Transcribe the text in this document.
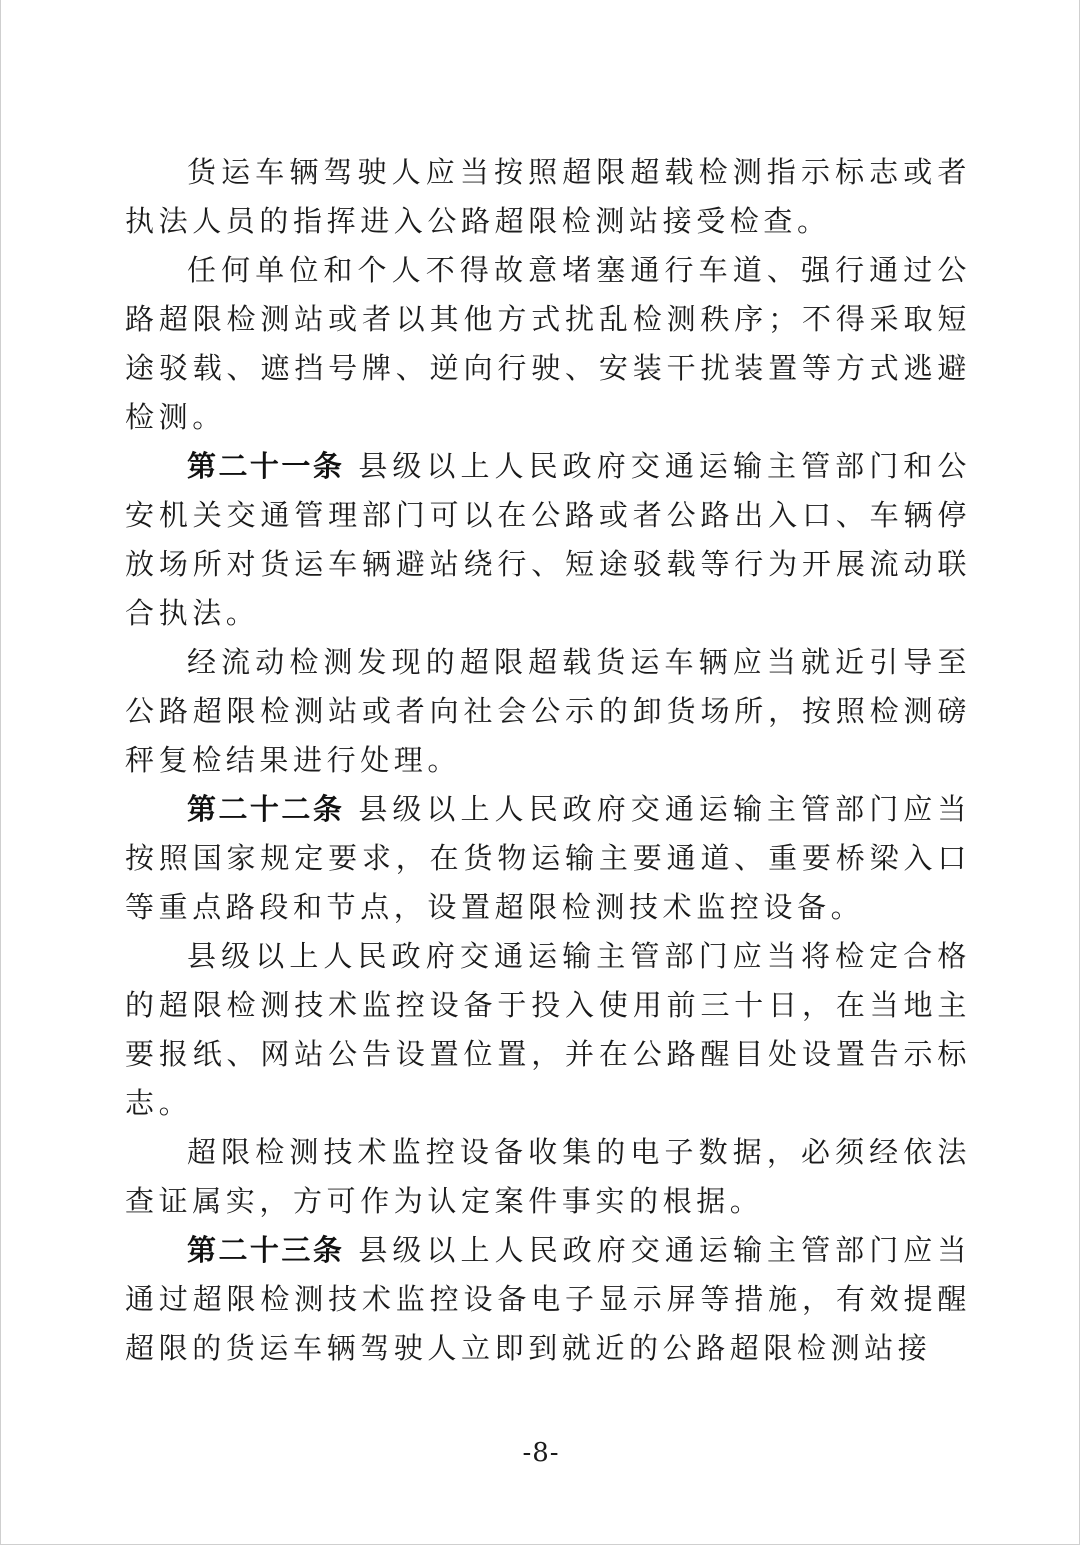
货运车辆驾驶人应当按照超限超载检测指示标志或者执法人员的指挥进入公路超限检测站接受检查。

任何单位和个人不得故意堵塞通行车道、强行通过公路超限检测站或者以其他方式扰乱检测秩序；不得采取短途驳载、遮挡号牌、逆向行驶、安装干扰装置等方式逃避检测。

第二十一条 县级以上人民政府交通运输主管部门和公安机关交通管理部门可以在公路或者公路出入口、车辆停放场所对货运车辆避站绕行、短途驳载等行为开展流动联合执法。

经流动检测发现的超限超载货运车辆应当就近引导至公路超限检测站或者向社会公示的卸货场所，按照检测磅秤复检结果进行处理。

第二十二条 县级以上人民政府交通运输主管部门应当按照国家规定要求，在货物运输主要通道、重要桥梁入口等重点路段和节点，设置超限检测技术监控设备。

县级以上人民政府交通运输主管部门应当将检定合格的超限检测技术监控设备于投入使用前三十日，在当地主要报纸、网站公告设置位置，并在公路醒目处设置告示标志。

超限检测技术监控设备收集的电子数据，必须经依法查证属实，方可作为认定案件事实的根据。

第二十三条 县级以上人民政府交通运输主管部门应当通过超限检测技术监控设备电子显示屏等措施，有效提醒超限的货运车辆驾驶人立即到就近的公路超限检测站接

-8-
